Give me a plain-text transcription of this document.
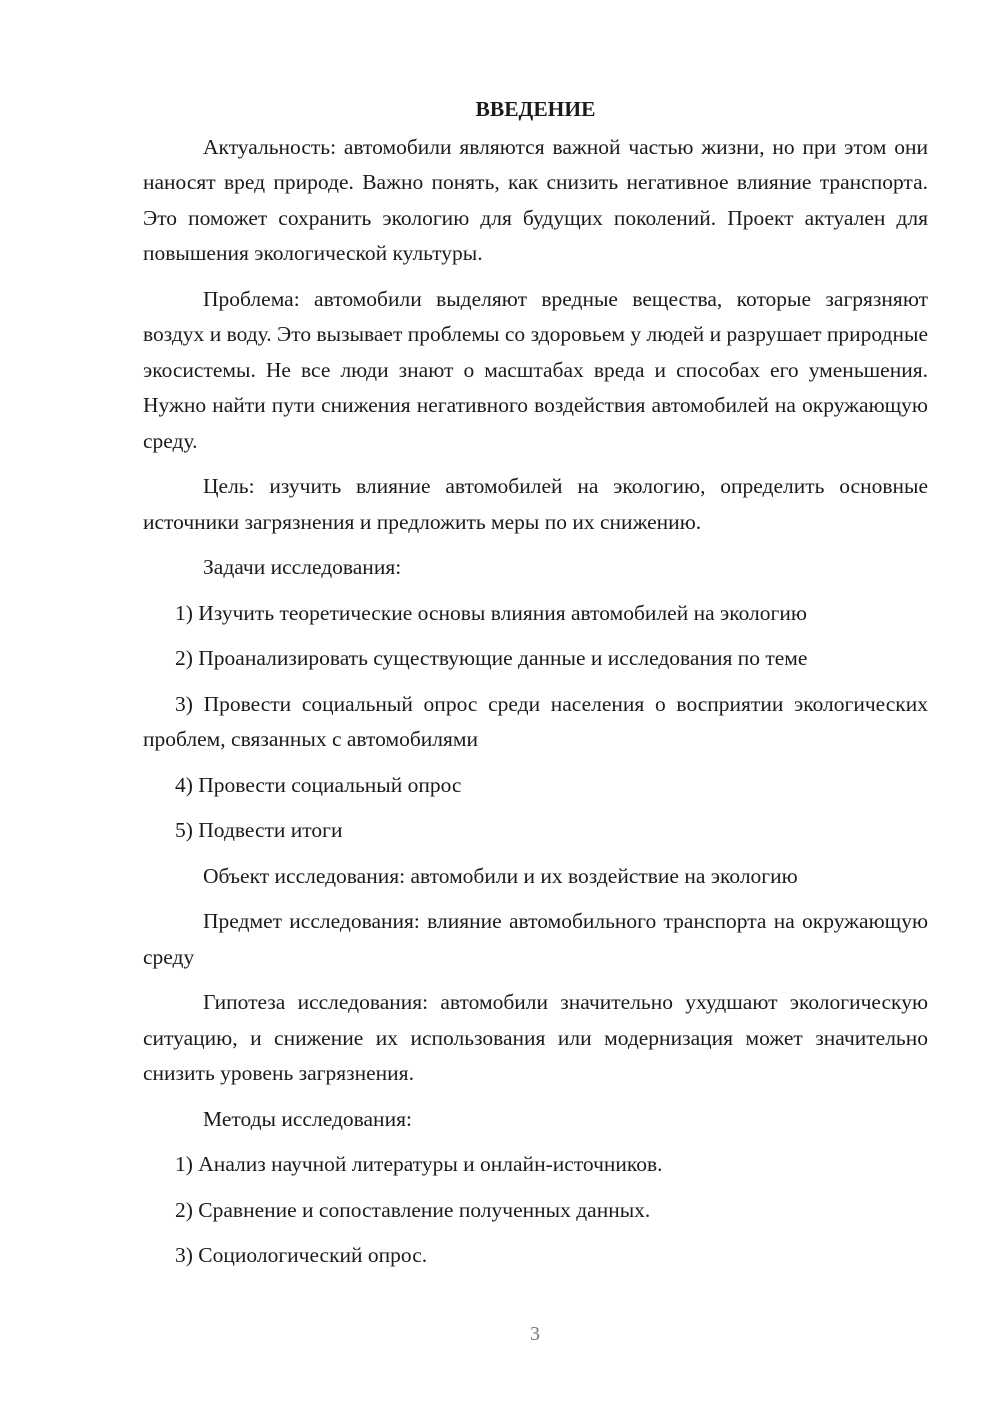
ВВЕДЕНИЕ

Актуальность: автомобили являются важной частью жизни, но при этом они наносят вред природе. Важно понять, как снизить негативное влияние транспорта. Это поможет сохранить экологию для будущих поколений. Проект актуален для повышения экологической культуры.

Проблема: автомобили выделяют вредные вещества, которые загрязняют воздух и воду. Это вызывает проблемы со здоровьем у людей и разрушает природные экосистемы. Не все люди знают о масштабах вреда и способах его уменьшения. Нужно найти пути снижения негативного воздействия автомобилей на окружающую среду.

Цель: изучить влияние автомобилей на экологию, определить основные источники загрязнения и предложить меры по их снижению.

Задачи исследования:

1) Изучить теоретические основы влияния автомобилей на экологию

2) Проанализировать существующие данные и исследования по теме

3) Провести социальный опрос среди населения о восприятии экологических проблем, связанных с автомобилями

4) Провести социальный опрос

5) Подвести итоги

Объект исследования: автомобили и их воздействие на экологию

Предмет исследования: влияние автомобильного транспорта на окружающую среду

Гипотеза исследования: автомобили значительно ухудшают экологическую ситуацию, и снижение их использования или модернизация может значительно снизить уровень загрязнения.

Методы исследования:

1) Анализ научной литературы и онлайн-источников.

2) Сравнение и сопоставление полученных данных.

3) Социологический опрос.

3
